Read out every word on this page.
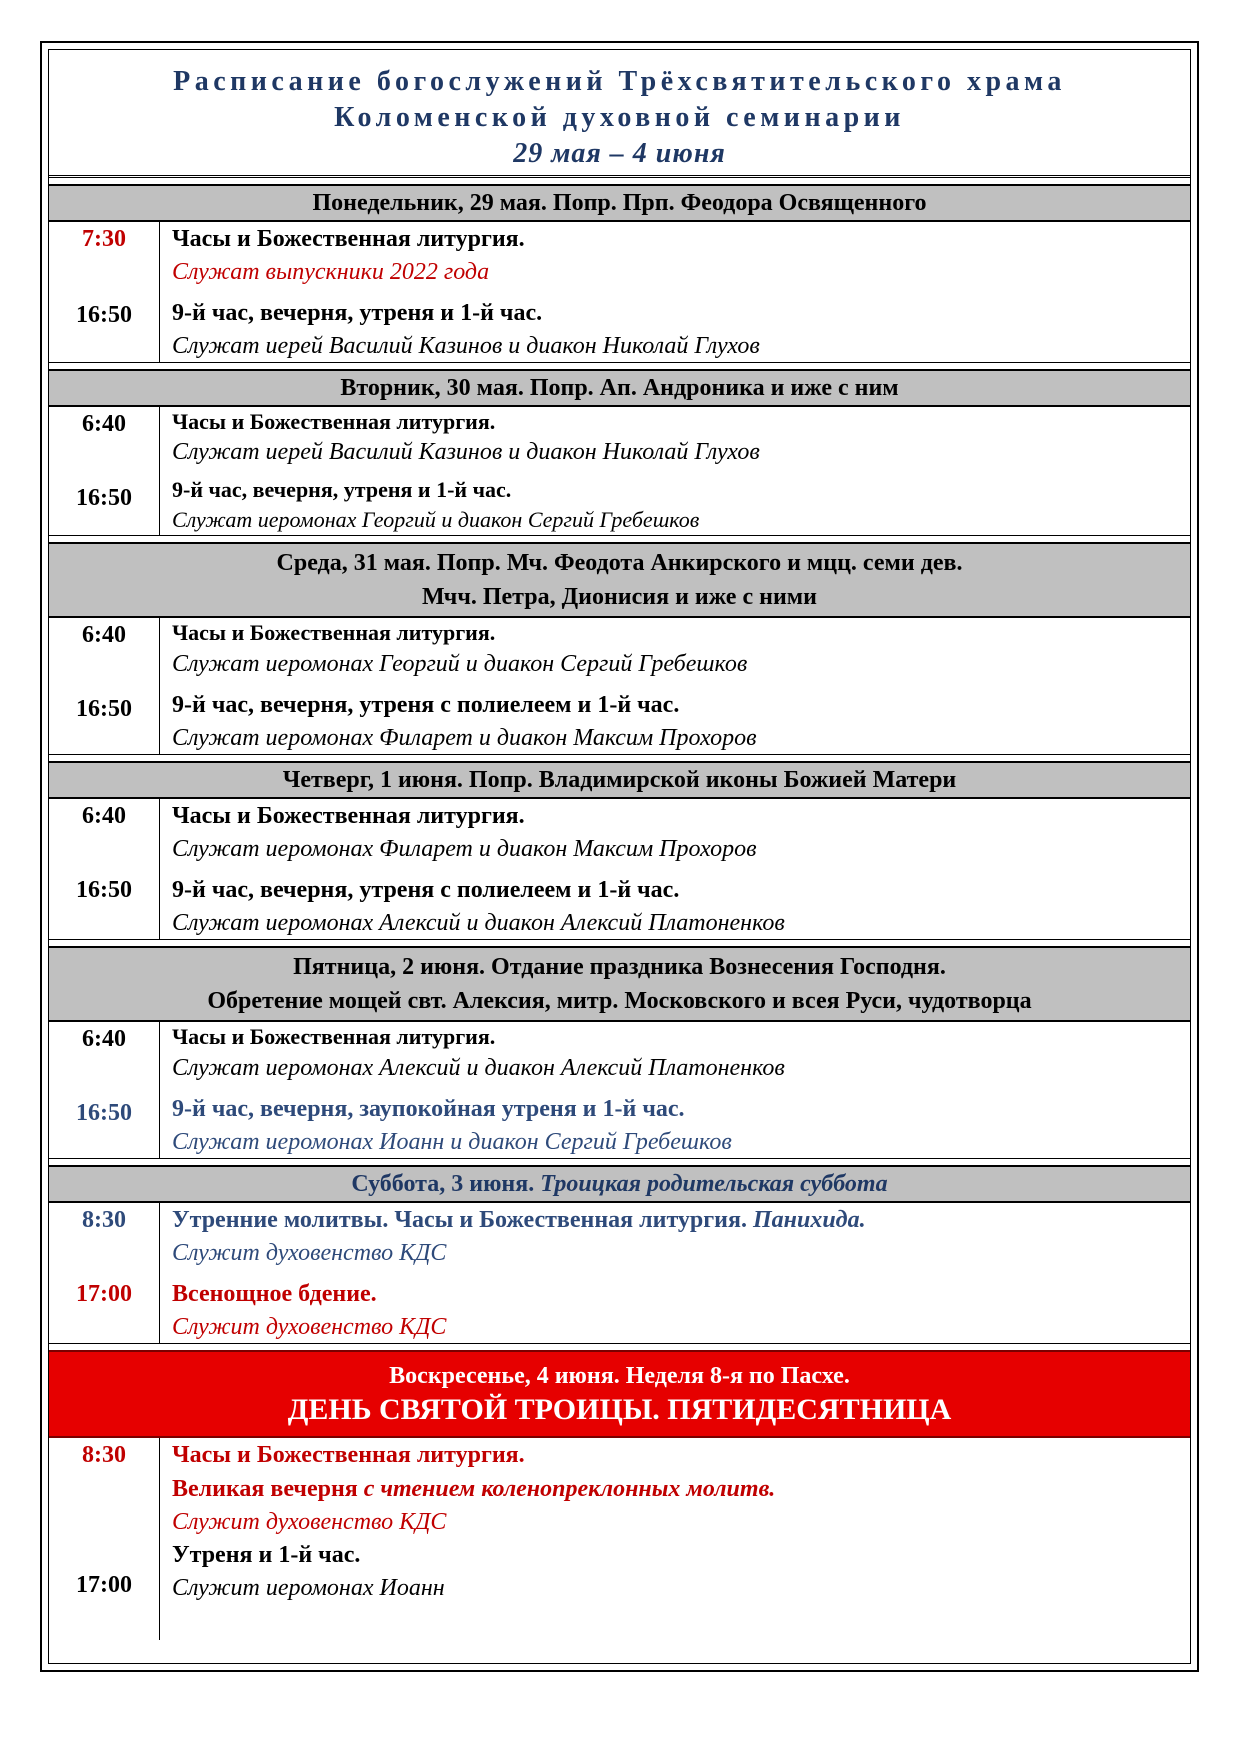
Расписание богослужений Трёхсвятительского храма
Коломенской духовной семинарии
29 мая – 4 июня
Понедельник, 29 мая. Попр. Прп. Феодора Освященного
7:30
16:50
Часы и Божественная литургия.
Служат выпускники 2022 года
9-й час, вечерня, утреня и 1-й час.
Служат иерей Василий Казинов и диакон Николай Глухов
Вторник, 30 мая. Попр. Ап. Андроника и иже с ним
6:40
16:50
Часы и Божественная литургия.
Служат иерей Василий Казинов и диакон Николай Глухов
9-й час, вечерня, утреня и 1-й час.
Служат иеромонах Георгий и диакон Сергий Гребешков
Среда, 31 мая. Попр. Мч. Феодота Анкирского и мцц. семи дев.
Мчч. Петра, Дионисия и иже с ними
6:40
16:50
Часы и Божественная литургия.
Служат иеромонах Георгий и диакон Сергий Гребешков
9-й час, вечерня, утреня с полиелеем и 1-й час.
Служат иеромонах Филарет и диакон Максим Прохоров
Четверг, 1 июня. Попр. Владимирской иконы Божией Матери
6:40
16:50
Часы и Божественная литургия.
Служат иеромонах Филарет и диакон Максим Прохоров
9-й час, вечерня, утреня с полиелеем и 1-й час.
Служат иеромонах Алексий и диакон Алексий Платоненков
Пятница, 2 июня. Отдание праздника Вознесения Господня.
Обретение мощей свт. Алексия, митр. Московского и всея Руси, чудотворца
6:40
16:50
Часы и Божественная литургия.
Служат иеромонах Алексий и диакон Алексий Платоненков
9-й час, вечерня, заупокойная утреня и 1-й час.
Служат иеромонах Иоанн и диакон Сергий Гребешков
Суббота, 3 июня. Троицкая родительская суббота
8:30
17:00
Утренние молитвы. Часы и Божественная литургия. Панихида.
Служит духовенство КДС
Всенощное бдение.
Служит духовенство КДС
Воскресенье, 4 июня. Неделя 8-я по Пасхе.
ДЕНЬ СВЯТОЙ ТРОИЦЫ. ПЯТИДЕСЯТНИЦА
8:30
17:00
Часы и Божественная литургия.
Великая вечерня с чтением коленопреклонных молитв.
Служит духовенство КДС
Утреня и 1-й час.
Служит иеромонах Иоанн
